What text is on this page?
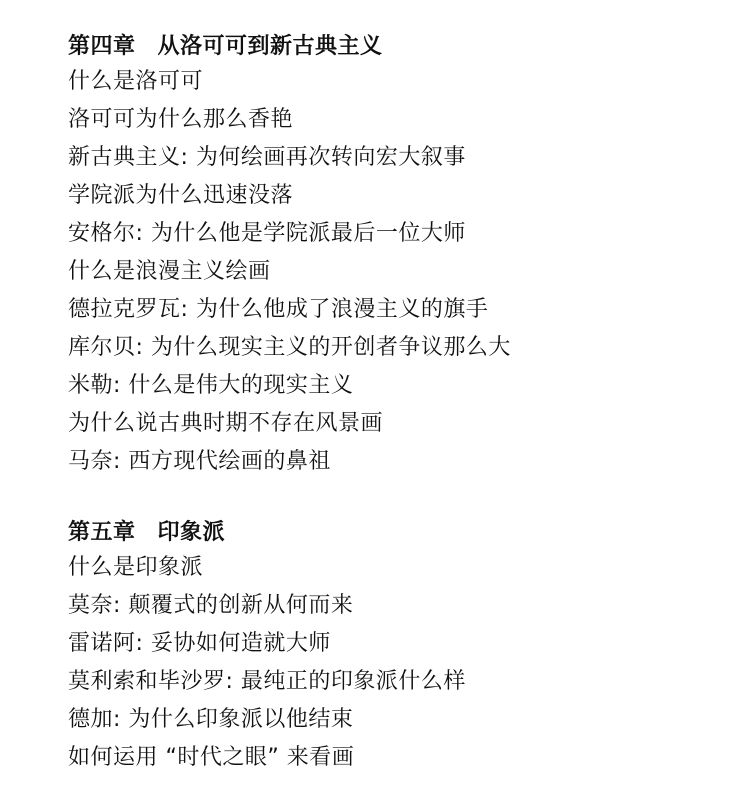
第四章 从洛可可到新古典主义
什么是洛可可
洛可可为什么那么香艳
新古典主义: 为何绘画再次转向宏大叙事
学院派为什么迅速没落
安格尔: 为什么他是学院派最后一位大师
什么是浪漫主义绘画
德拉克罗瓦: 为什么他成了浪漫主义的旗手
库尔贝: 为什么现实主义的开创者争议那么大
米勒: 什么是伟大的现实主义
为什么说古典时期不存在风景画
马奈: 西方现代绘画的鼻祖
第五章 印象派
什么是印象派
莫奈: 颠覆式的创新从何而来
雷诺阿: 妥协如何造就大师
莫利索和毕沙罗: 最纯正的印象派什么样
德加: 为什么印象派以他结束
如何运用 “时代之眼” 来看画
